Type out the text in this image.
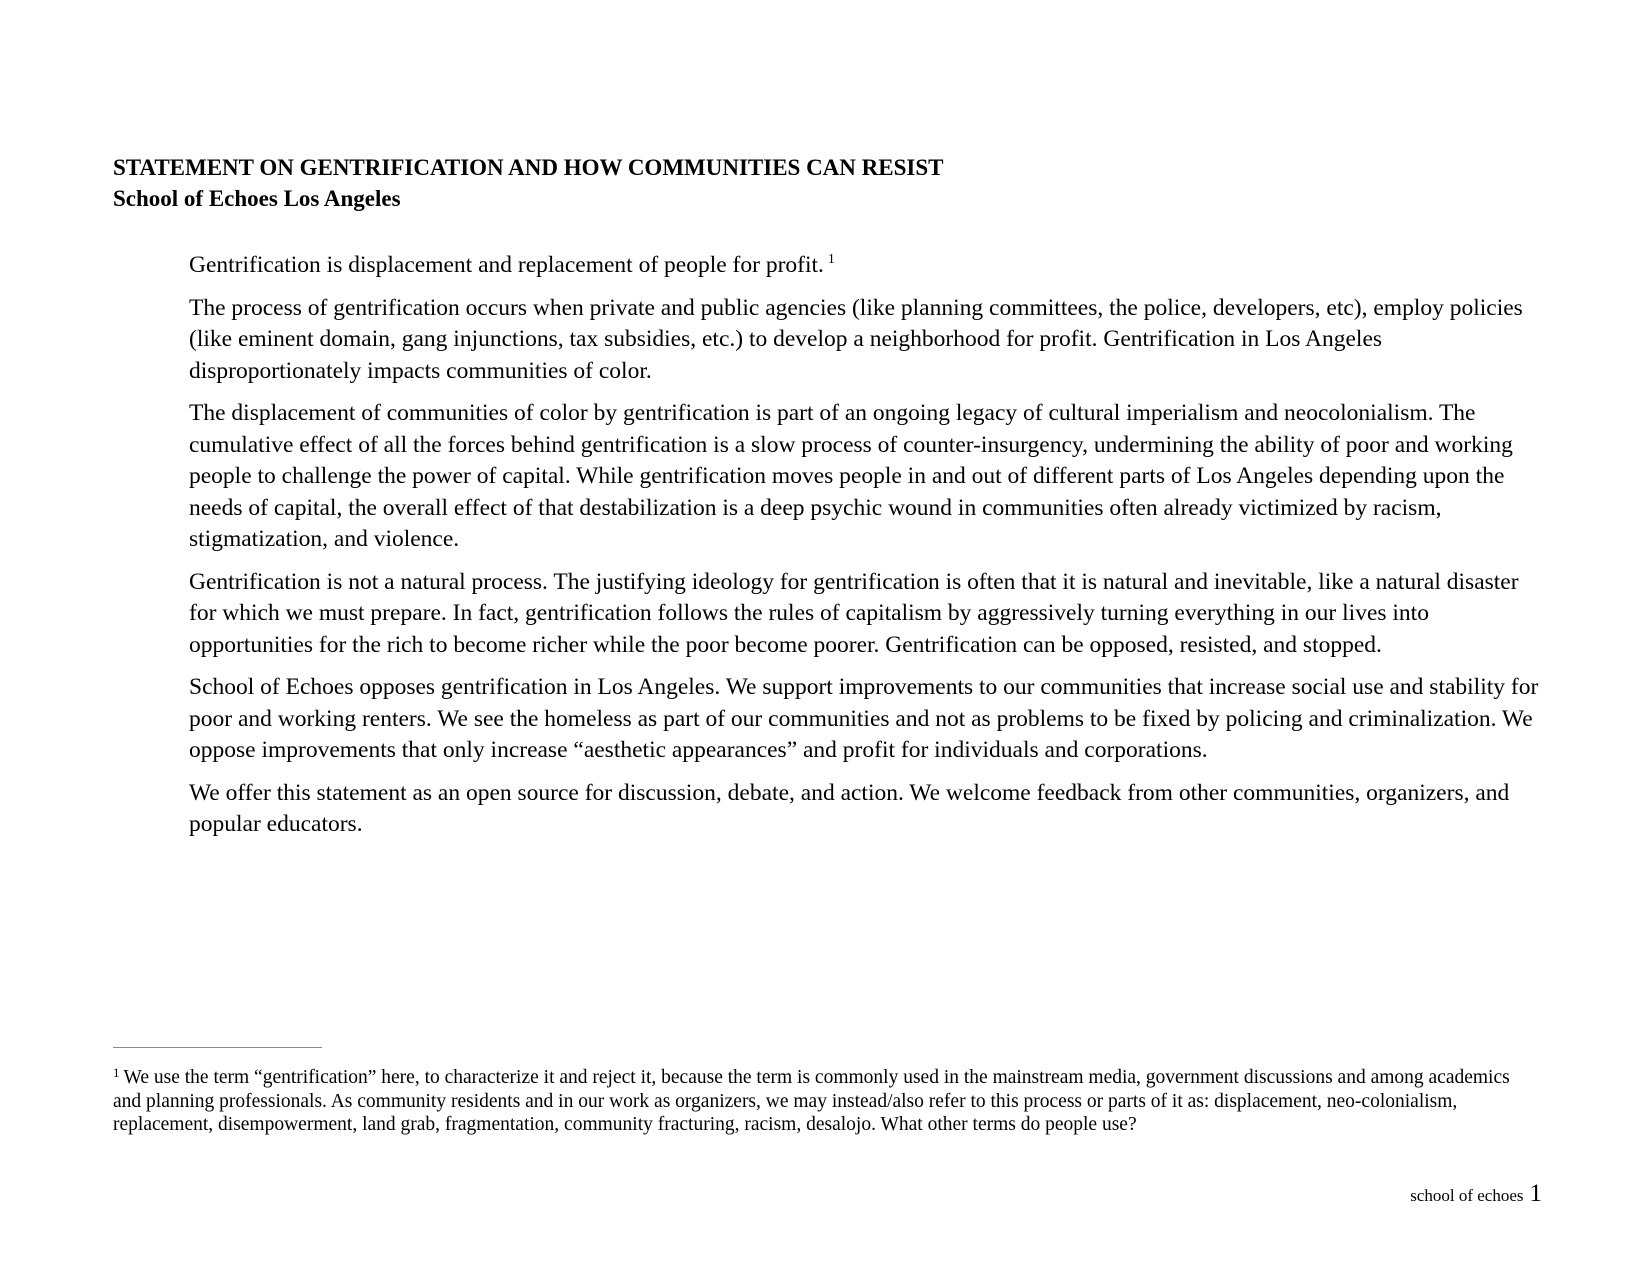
STATEMENT ON GENTRIFICATION AND HOW COMMUNITIES CAN RESIST
School of Echoes Los Angeles

Gentrification is displacement and replacement of people for profit. $^1$

The process of gentrification occurs when private and public agencies (like planning committees, the police, developers, etc), employ policies (like eminent domain, gang injunctions, tax subsidies, etc.) to develop a neighborhood for profit. Gentrification in Los Angeles disproportionately impacts communities of color.

The displacement of communities of color by gentrification is part of an ongoing legacy of cultural imperialism and neocolonialism. The cumulative effect of all the forces behind gentrification is a slow process of counter-insurgency, undermining the ability of poor and working people to challenge the power of capital. While gentrification moves people in and out of different parts of Los Angeles depending upon the needs of capital, the overall effect of that destabilization is a deep psychic wound in communities often already victimized by racism, stigmatization, and violence.

Gentrification is not a natural process. The justifying ideology for gentrification is often that it is natural and inevitable, like a natural disaster for which we must prepare. In fact, gentrification follows the rules of capitalism by aggressively turning everything in our lives into opportunities for the rich to become richer while the poor become poorer. Gentrification can be opposed, resisted, and stopped.

School of Echoes opposes gentrification in Los Angeles. We support improvements to our communities that increase social use and stability for poor and working renters. We see the homeless as part of our communities and not as problems to be fixed by policing and criminalization. We oppose improvements that only increase “aesthetic appearances” and profit for individuals and corporations.

We offer this statement as an open source for discussion, debate, and action. We welcome feedback from other communities, organizers, and popular educators.

$^1$ We use the term “gentrification” here, to characterize it and reject it, because the term is commonly used in the mainstream media, government discussions and among academics and planning professionals. As community residents and in our work as organizers, we may instead/also refer to this process or parts of it as: displacement, neo-colonialism, replacement, disempowerment, land grab, fragmentation, community fracturing, racism, desalojo. What other terms do people use?
school of echoes 1
